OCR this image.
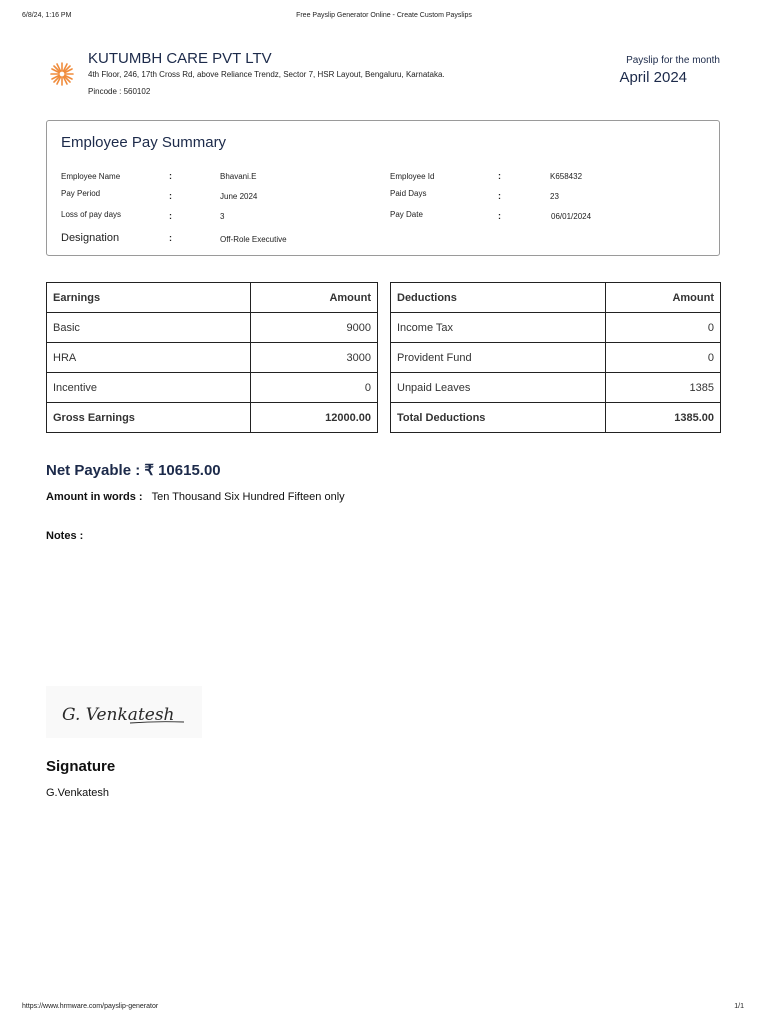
6/8/24, 1:16 PM	Free Payslip Generator Online - Create Custom Payslips
KUTUMBH CARE PVT LTV
4th Floor, 246, 17th Cross Rd, above Reliance Trendz, Sector 7, HSR Layout, Bengaluru, Karnataka.
Pincode : 560102
Payslip for the month
April 2024
Employee Pay Summary
Employee Name	:	Bhavani.E
Pay Period	:	June 2024
Loss of pay days	:	3
Designation	:	Off-Role Executive
Employee Id	:	K658432
Paid Days	:	23
Pay Date	:	06/01/2024
Earnings	Amount
Basic	9000
HRA	3000
Incentive	0
Gross Earnings	12000.00
Deductions	Amount
Income Tax	0
Provident Fund	0
Unpaid Leaves	1385
Total Deductions	1385.00
Net Payable : ₹ 10615.00
Amount in words : Ten Thousand Six Hundred Fifteen only
Notes :
G. Venkatesh
Signature
G.Venkatesh
https://www.hrmware.com/payslip-generator	1/1
